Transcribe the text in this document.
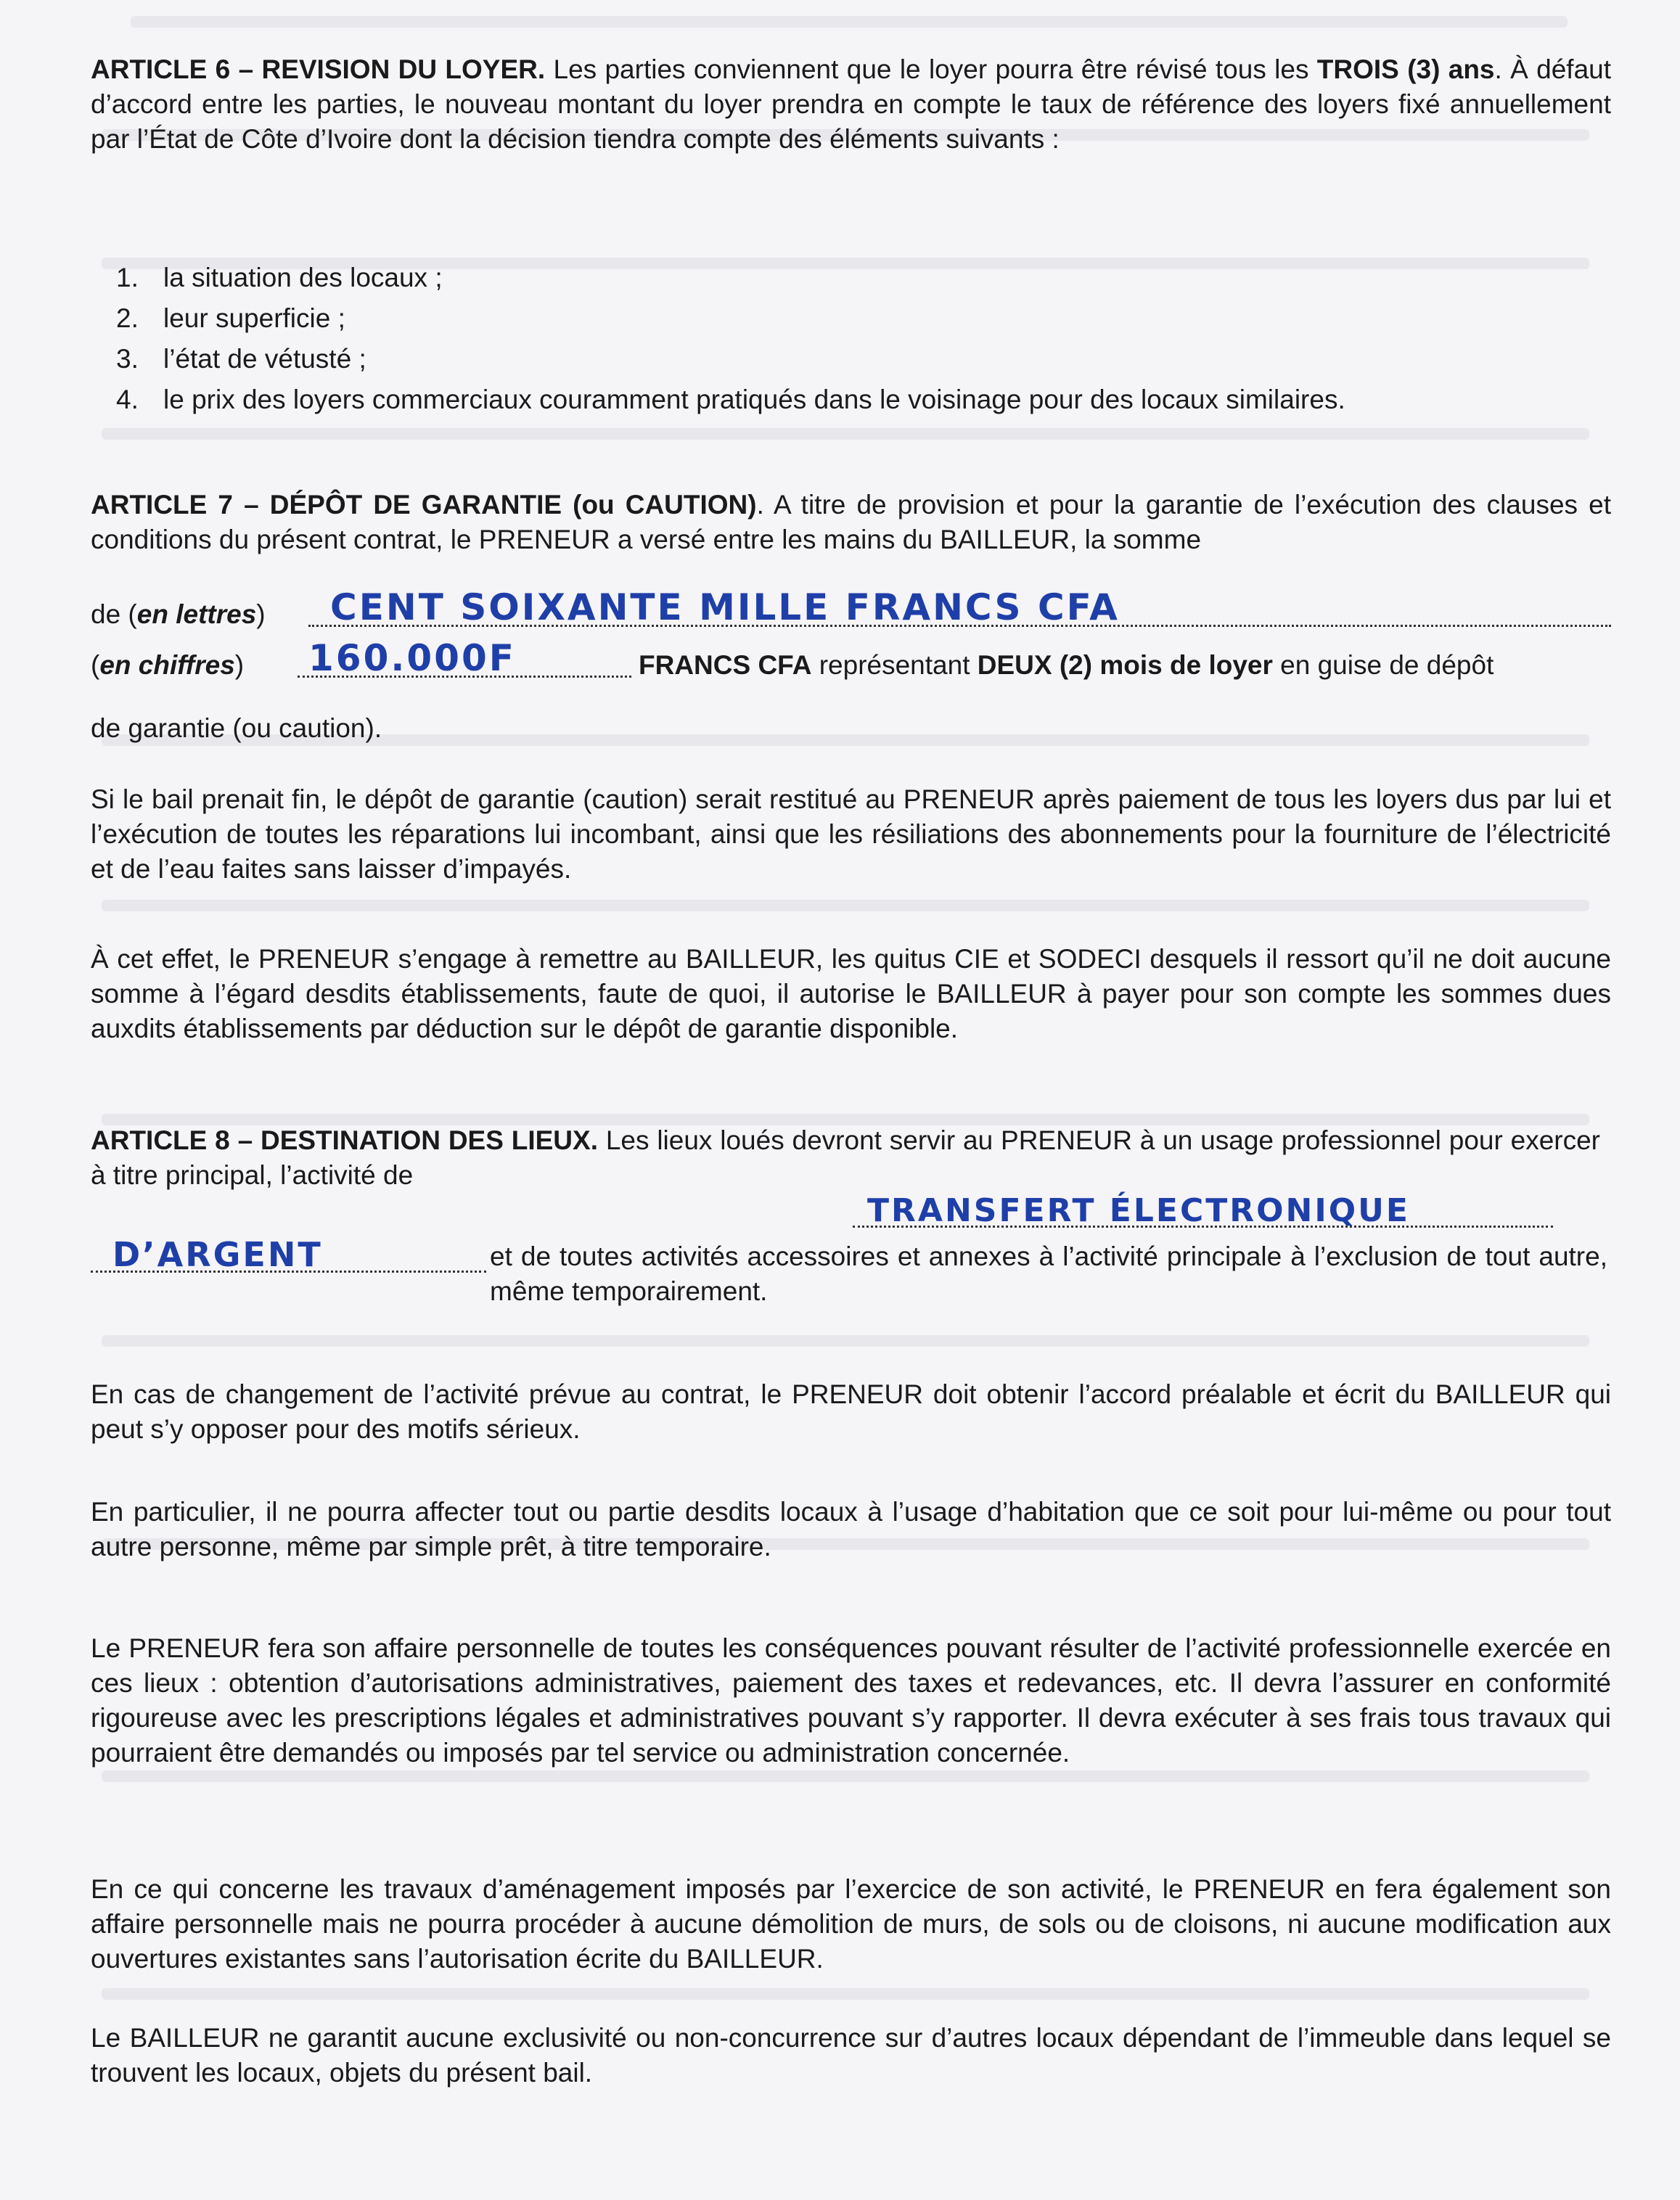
ARTICLE 6 – REVISION DU LOYER. Les parties conviennent que le loyer pourra être révisé tous les TROIS (3) ans. À défaut d’accord entre les parties, le nouveau montant du loyer prendra en compte le taux de référence des loyers fixé annuellement par l’État de Côte d’Ivoire dont la décision tiendra compte des éléments suivants :
1. la situation des locaux ;
2. leur superficie ;
3. l’état de vétusté ;
4. le prix des loyers commerciaux couramment pratiqués dans le voisinage pour des locaux similaires.
ARTICLE 7 – DÉPÔT DE GARANTIE (ou CAUTION). A titre de provision et pour la garantie de l’exécution des clauses et conditions du présent contrat, le PRENEUR a versé entre les mains du BAILLEUR, la somme
de (en lettres) CENT SOIXANTE MILLE FRANCS CFA
(en chiffres) 160.000F	FRANCS CFA représentant DEUX (2) mois de loyer en guise de dépôt
de garantie (ou caution).
Si le bail prenait fin, le dépôt de garantie (caution) serait restitué au PRENEUR après paiement de tous les loyers dus par lui et l’exécution de toutes les réparations lui incombant, ainsi que les résiliations des abonnements pour la fourniture de l’électricité et de l’eau faites sans laisser d’impayés.
À cet effet, le PRENEUR s’engage à remettre au BAILLEUR, les quitus CIE et SODECI desquels il ressort qu’il ne doit aucune somme à l’égard desdits établissements, faute de quoi, il autorise le BAILLEUR à payer pour son compte les sommes dues auxdits établissements par déduction sur le dépôt de garantie disponible.
ARTICLE 8 – DESTINATION DES LIEUX. Les lieux loués devront servir au PRENEUR à un usage professionnel pour exercer à titre principal, l’activité de
TRANSFERT ÉLECTRONIQUE
D’ARGENT	et de toutes activités accessoires et annexes à l’activité principale à l’exclusion de tout autre, même temporairement.
En cas de changement de l’activité prévue au contrat, le PRENEUR doit obtenir l’accord préalable et écrit du BAILLEUR qui peut s’y opposer pour des motifs sérieux.
En particulier, il ne pourra affecter tout ou partie desdits locaux à l’usage d’habitation que ce soit pour lui-même ou pour tout autre personne, même par simple prêt, à titre temporaire.
Le PRENEUR fera son affaire personnelle de toutes les conséquences pouvant résulter de l’activité professionnelle exercée en ces lieux : obtention d’autorisations administratives, paiement des taxes et redevances, etc. Il devra l’assurer en conformité rigoureuse avec les prescriptions légales et administratives pouvant s’y rapporter. Il devra exécuter à ses frais tous travaux qui pourraient être demandés ou imposés par tel service ou administration concernée.
En ce qui concerne les travaux d’aménagement imposés par l’exercice de son activité, le PRENEUR en fera également son affaire personnelle mais ne pourra procéder à aucune démolition de murs, de sols ou de cloisons, ni aucune modification aux ouvertures existantes sans l’autorisation écrite du BAILLEUR.
Le BAILLEUR ne garantit aucune exclusivité ou non-concurrence sur d’autres locaux dépendant de l’immeuble dans lequel se trouvent les locaux, objets du présent bail.
